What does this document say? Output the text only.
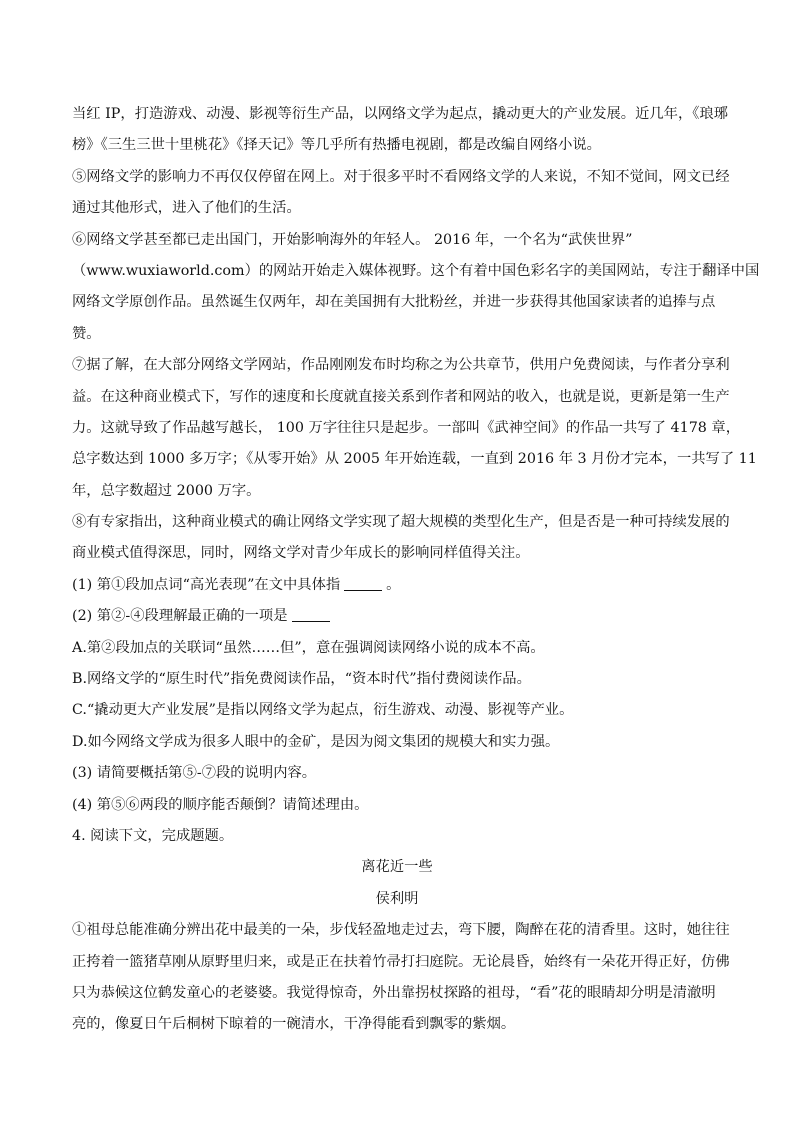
当红 IP，打造游戏、动漫、影视等衍生产品，以网络文学为起点，撬动更大的产业发展。近几年，《琅琊
榜》《三生三世十里桃花》《择天记》等几乎所有热播电视剧，都是改编自网络小说。
⑤网络文学的影响力不再仅仅停留在网上。对于很多平时不看网络文学的人来说，不知不觉间，网文已经
通过其他形式，进入了他们的生活。
⑥网络文学甚至都已走出国门，开始影响海外的年轻人。 2016 年，一个名为“武侠世界”
（www.wuxiaworld.com）的网站开始走入媒体视野。这个有着中国色彩名字的美国网站，专注于翻译中国
网络文学原创作品。虽然诞生仅两年，却在美国拥有大批粉丝，并进一步获得其他国家读者的追捧与点
赞。
⑦据了解，在大部分网络文学网站，作品刚刚发布时均称之为公共章节，供用户免费阅读，与作者分享利
益。在这种商业模式下，写作的速度和长度就直接关系到作者和网站的收入，也就是说，更新是第一生产
力。这就导致了作品越写越长， 100 万字往往只是起步。一部叫《武神空间》的作品一共写了 4178 章，
总字数达到 1000 多万字；《从零开始》从 2005 年开始连载，一直到 2016 年 3 月份才完本，一共写了 11
年，总字数超过 2000 万字。
⑧有专家指出，这种商业模式的确让网络文学实现了超大规模的类型化生产，但是否是一种可持续发展的
商业模式值得深思，同时，网络文学对青少年成长的影响同样值得关注。
(1) 第①段加点词“高光表现”在文中具体指	。
(2) 第②-④段理解最正确的一项是
A.第②段加点的关联词“虽然……但”，意在强调阅读网络小说的成本不高。
B.网络文学的“原生时代”指免费阅读作品，“资本时代”指付费阅读作品。
C.“撬动更大产业发展”是指以网络文学为起点，衍生游戏、动漫、影视等产业。
D.如今网络文学成为很多人眼中的金矿，是因为阅文集团的规模大和实力强。
(3) 请简要概括第⑤-⑦段的说明内容。
(4) 第⑤⑥两段的顺序能否颠倒？请简述理由。
4. 阅读下文，完成题题。
离花近一些
侯利明
①祖母总能准确分辨出花中最美的一朵，步伐轻盈地走过去，弯下腰，陶醉在花的清香里。这时，她往往
正挎着一篮猪草刚从原野里归来，或是正在扶着竹帚打扫庭院。无论晨昏，始终有一朵花开得正好，仿佛
只为恭候这位鹤发童心的老婆婆。我觉得惊奇，外出靠拐杖探路的祖母，“看”花的眼睛却分明是清澈明
亮的，像夏日午后桐树下晾着的一碗清水，干净得能看到飘零的紫烟。
